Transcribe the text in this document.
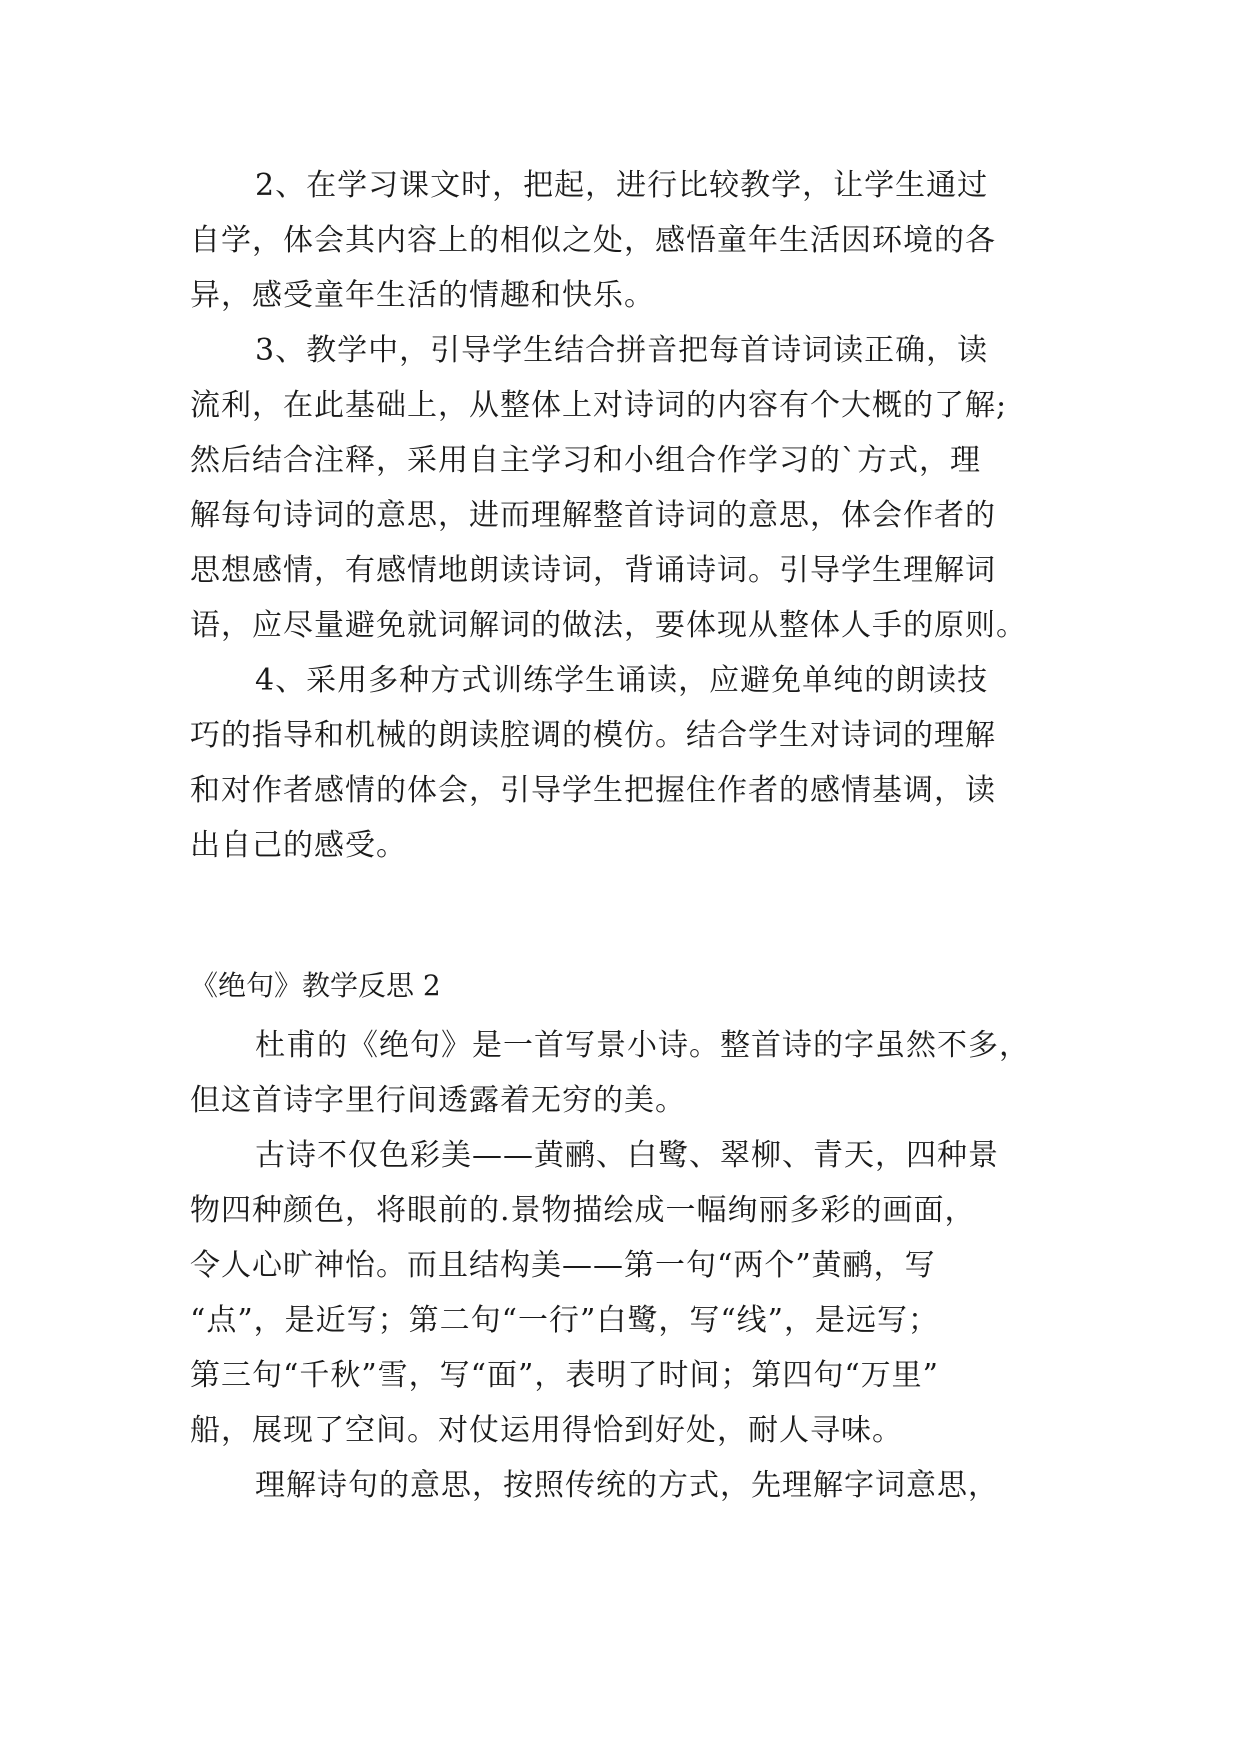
2、在学习课文时，把起，进行比较教学，让学生通过
自学，体会其内容上的相似之处，感悟童年生活因环境的各
异，感受童年生活的情趣和快乐。
3、教学中，引导学生结合拼音把每首诗词读正确，读
流利，在此基础上，从整体上对诗词的内容有个大概的了解;
然后结合注释，采用自主学习和小组合作学习的`方式，理
解每句诗词的意思，进而理解整首诗词的意思，体会作者的
思想感情，有感情地朗读诗词，背诵诗词。引导学生理解词
语，应尽量避免就词解词的做法，要体现从整体人手的原则。
4、采用多种方式训练学生诵读，应避免单纯的朗读技
巧的指导和机械的朗读腔调的模仿。结合学生对诗词的理解
和对作者感情的体会，引导学生把握住作者的感情基调，读
出自己的感受。
《绝句》教学反思 2
杜甫的《绝句》是一首写景小诗。整首诗的字虽然不多，
但这首诗字里行间透露着无穷的美。
古诗不仅色彩美——黄鹂、白鹭、翠柳、青天，四种景
物四种颜色，将眼前的.景物描绘成一幅绚丽多彩的画面，
令人心旷神怡。而且结构美——第一句“两个”黄鹂，写
“点”，是近写；第二句“一行”白鹭，写“线”，是远写；
第三句“千秋”雪，写“面”，表明了时间；第四句“万里”
船，展现了空间。对仗运用得恰到好处，耐人寻味。
理解诗句的意思，按照传统的方式，先理解字词意思，
